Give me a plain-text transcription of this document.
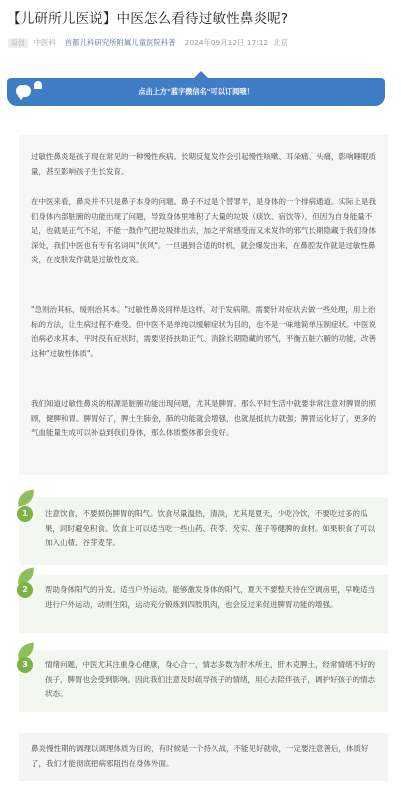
【儿研所儿医说】中医怎么看待过敏性鼻炎呢?
原创	中医科 首都儿科研究所附属儿童医院科普 2024年09月12日 17:12 北京
点击上方"蓝字微信名"可以订阅哦！

过敏性鼻炎是孩子现在常见的一种慢性疾病。长期反复发作会引起慢性咳嗽、耳朵痛、头痛，影响睡眠质量，甚至影响孩子生长发育。

在中医来看，鼻炎并不只是鼻子本身的问题。鼻子不过是个替罪羊，是身体的一个排病通道。实际上是我们身体内部脏腑的功能出现了问题，导致身体里堆积了大量的垃圾（痰饮、宿饮等），但因为自身能量不足，也就是正气不足，不能一鼓作气把垃圾排出去，加之平常感受而又未发作的邪气长期隐藏于我们身体深处，我们中医也有专有名词叫"伏风"。一旦遇到合适的时机，就会爆发出来，在鼻腔发作就是过敏性鼻炎，在皮肤发作就是过敏性皮炎。

"急则治其标，缓则治其本。"过敏性鼻炎同样是这样，对于发病期，需要针对症状去做一些处理，用上治标的方法，让生病过程不难受。但中医不是单纯以缓解症状为目的，也不是一味地简单压制症状。中医说治病必求其本，平时没有症状时，需要坚持扶助正气、消除长期隐藏的邪气，平衡五脏六腑的功能，改善这种"过敏性体质"。

我们知道过敏性鼻炎的根源是脏腑功能出现问题，尤其是脾胃。那么平时生活中就要非常注意对脾胃的照顾，健脾和胃。脾胃好了，脾土生肺金，肺的功能就会增强，也就是抵抗力就强；脾胃运化好了，更多的气血能量生成可以补益到我们身体，那么体质整体都会变好。

1	注意饮食，不要损伤脾胃的阳气。饮食尽量温热，清淡，尤其是夏天，少吃冷饮，不要吃过多的瓜果，同时避免积食。饮食上可以适当吃一些山药、茯苓、芡实、莲子等健脾的食材。如果积食了可以加入山楂、谷芽麦芽。

2	帮助身体阳气的升发。适当户外运动，能够激发身体的阳气，夏天不要整天待在空调房里，早晚适当进行户外运动，动则生阳，运动充分锻炼到四肢肌肉，也会反过来促进脾胃功能的增强。

3	情绪问题，中医尤其注重身心健康，身心合一，情志多数为肝木所主，肝木克脾土，经常情绪不好的孩子，脾胃也会受到影响。因此我们注意及时疏导孩子的情绪，用心去陪伴孩子，调护好孩子的情志状态。

鼻炎慢性期的调理以调理体质为目的，有时候是一个持久战，不能见好就收，一定要注意善后，体质好了，我们才能彻底把病邪阻挡在身体外面。
